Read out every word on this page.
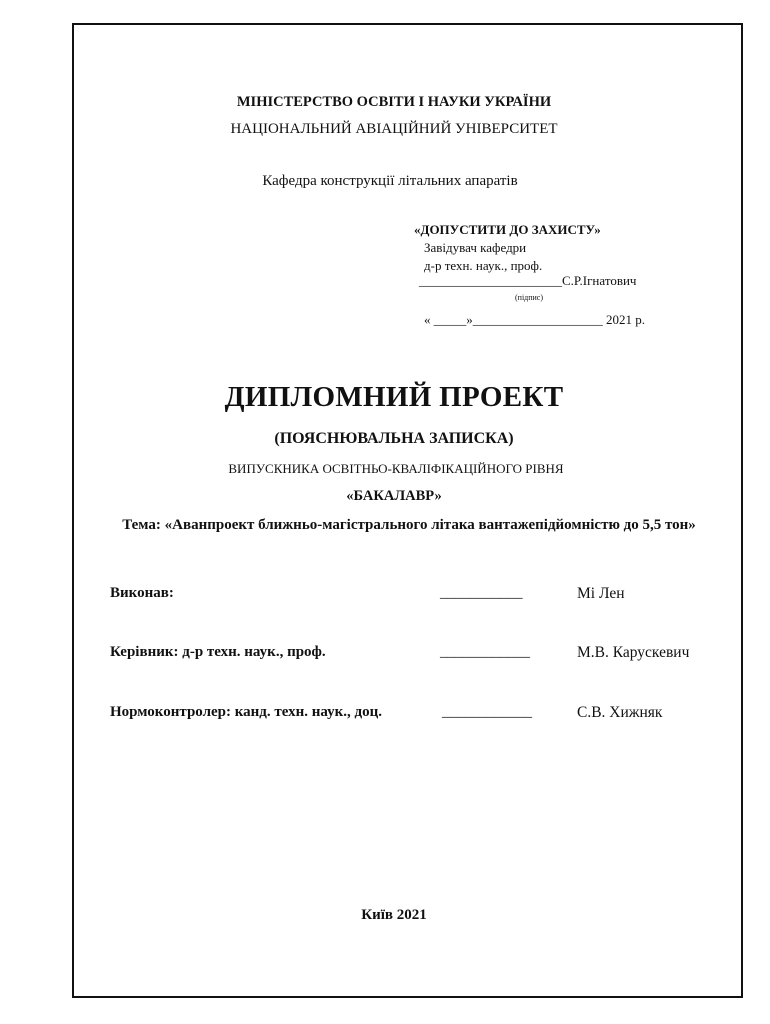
МІНІСТЕРСТВО ОСВІТИ І НАУКИ УКРАЇНИ
НАЦІОНАЛЬНИЙ АВІАЦІЙНИЙ УНІВЕРСИТЕТ
Кафедра конструкції літальних апаратів
«ДОПУСТИТИ ДО ЗАХИСТУ»
Завідувач кафедри
д-р техн. наук., проф.
______________________С.Р.Ігнатович
(підпис)
« _____»____________________ 2021 р.
ДИПЛОМНИЙ ПРОЕКТ
(ПОЯСНЮВАЛЬНА ЗАПИСКА)
ВИПУСКНИКА ОСВІТНЬО-КВАЛІФІКАЦІЙНОГО РІВНЯ
«БАКАЛАВР»
Тема: «Аванпроект ближньо-магістрального літака вантажепідйомністю до 5,5 тон»
Виконав:	___________	Мі Лен
Керівник: д-р техн. наук., проф.	____________	М.В. Карускевич
Нормоконтролер: канд. техн. наук., доц.	____________	С.В. Хижняк
Київ 2021
